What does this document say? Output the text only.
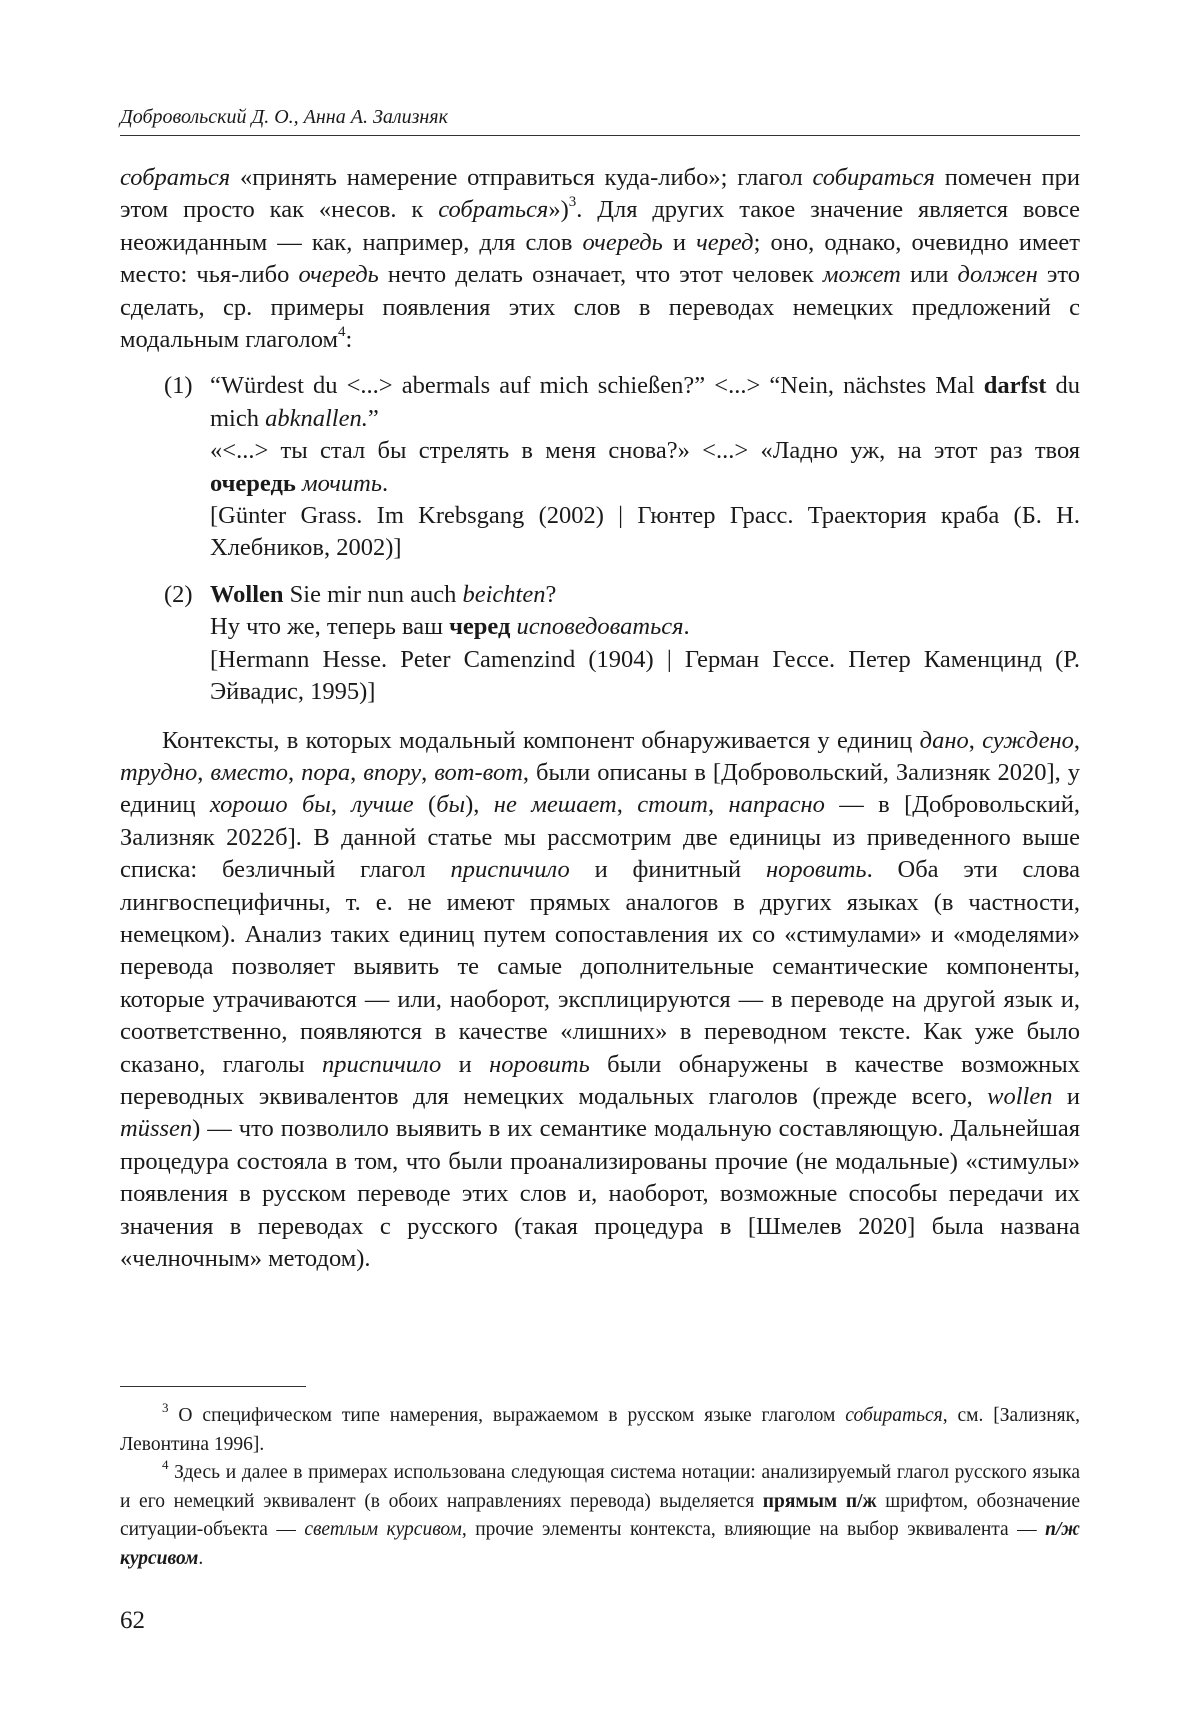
Добровольский Д. О., Анна А. Зализняк

собраться «принять намерение отправиться куда-либо»; глагол собираться помечен при этом просто как «несов. к собраться»)$^3$. Для других такое значение является вовсе неожиданным — как, например, для слов очередь и черед; оно, однако, очевидно имеет место: чья-либо очередь нечто делать означает, что этот человек может или должен это сделать, ср. примеры появления этих слов в переводах немецких предложений с модальным глаголом$^4$:

(1) “Würdest du <...> abermals auf mich schießen?” <...> “Nein, nächstes Mal darfst du mich abknallen.”
«<...> ты стал бы стрелять в меня снова?» <...> «Ладно уж, на этот раз твоя очередь мочить.
[Günter Grass. Im Krebsgang (2002) | Гюнтер Грасс. Траектория краба (Б. Н. Хлебников, 2002)]
(2) Wollen Sie mir nun auch beichten?
Ну что же, теперь ваш черед исповедоваться.
[Hermann Hesse. Peter Camenzind (1904) | Герман Гессе. Петер Каменцинд (Р. Эйвадис, 1995)]

Контексты, в которых модальный компонент обнаруживается у единиц дано, суждено, трудно, вместо, пора, впору, вот-вот, были описаны в [Добровольский, Зализняк 2020], у единиц хорошо бы, лучше (бы), не мешает, стоит, напрасно — в [Добровольский, Зализняк 2022б]. В данной статье мы рассмотрим две единицы из приведенного выше списка: безличный глагол приспичило и финитный норовить. Оба эти слова лингвоспецифичны, т. е. не имеют прямых аналогов в других языках (в частности, немецком). Анализ таких единиц путем сопоставления их со «стимулами» и «моделями» перевода позволяет выявить те самые дополнительные семантические компоненты, которые утрачиваются — или, наоборот, эксплицируются — в переводе на другой язык и, соответственно, появляются в качестве «лишних» в переводном тексте. Как уже было сказано, глаголы приспичило и норовить были обнаружены в качестве возможных переводных эквивалентов для немецких модальных глаголов (прежде всего, wollen и müssen) — что позволило выявить в их семантике модальную составляющую. Дальнейшая процедура состояла в том, что были проанализированы прочие (не модальные) «стимулы» появления в русском переводе этих слов и, наоборот, возможные способы передачи их значения в переводах с русского (такая процедура в [Шмелев 2020] была названа «челночным» методом).

$^3$ О специфическом типе намерения, выражаемом в русском языке глаголом собираться, см. [Зализняк, Левонтина 1996].

$^4$ Здесь и далее в примерах использована следующая система нотации: анализируемый глагол русского языка и его немецкий эквивалент (в обоих направлениях перевода) выделяется прямым п/ж шрифтом, обозначение ситуации-объекта — светлым курсивом, прочие элементы контекста, влияющие на выбор эквивалента — п/ж курсивом.

62
